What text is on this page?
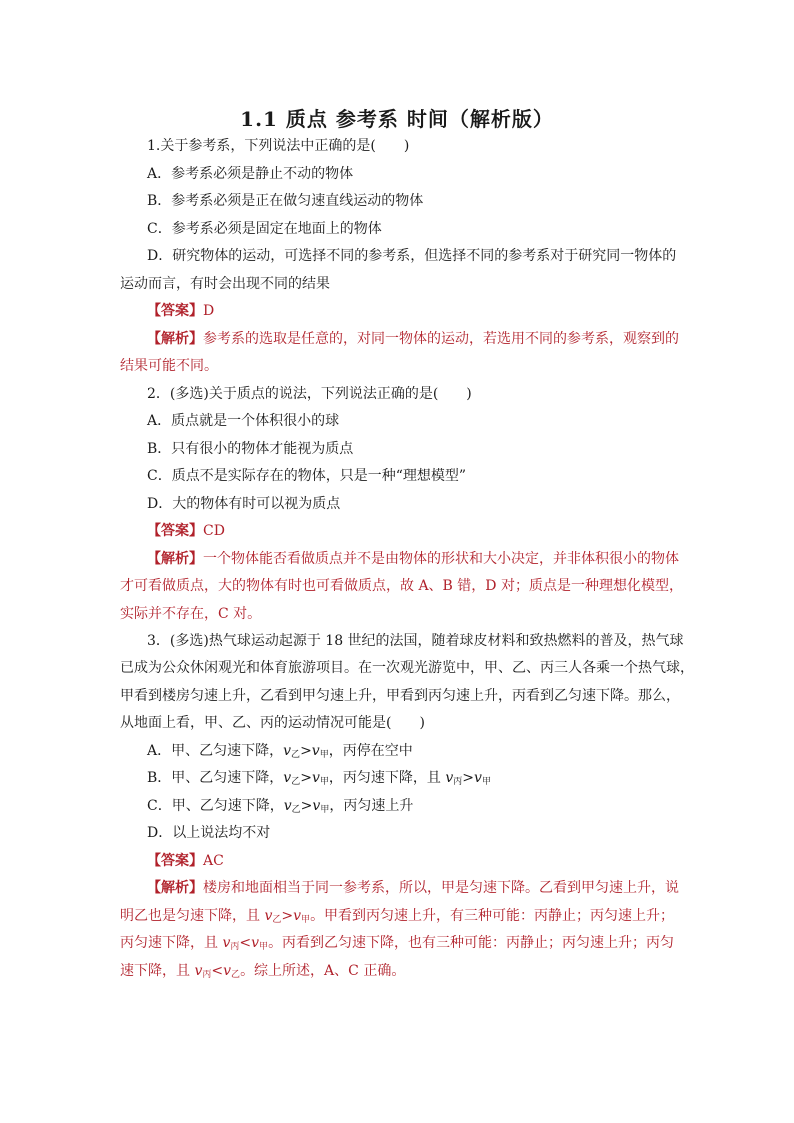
1.1 质点 参考系 时间（解析版）
1.关于参考系，下列说法中正确的是(　　)
A．参考系必须是静止不动的物体
B．参考系必须是正在做匀速直线运动的物体
C．参考系必须是固定在地面上的物体
D．研究物体的运动，可选择不同的参考系，但选择不同的参考系对于研究同一物体的
运动而言，有时会出现不同的结果
【答案】D
【解析】参考系的选取是任意的，对同一物体的运动，若选用不同的参考系，观察到的
结果可能不同。
2．(多选)关于质点的说法，下列说法正确的是(　　)
A．质点就是一个体积很小的球
B．只有很小的物体才能视为质点
C．质点不是实际存在的物体，只是一种“理想模型”
D．大的物体有时可以视为质点
【答案】CD
【解析】一个物体能否看做质点并不是由物体的形状和大小决定，并非体积很小的物体
才可看做质点，大的物体有时也可看做质点，故 A、B 错，D 对；质点是一种理想化模型，
实际并不存在，C 对。
3．(多选)热气球运动起源于 18 世纪的法国，随着球皮材料和致热燃料的普及，热气球
已成为公众休闲观光和体育旅游项目。在一次观光游览中，甲、乙、丙三人各乘一个热气球，
甲看到楼房匀速上升，乙看到甲匀速上升，甲看到丙匀速上升，丙看到乙匀速下降。那么，
从地面上看，甲、乙、丙的运动情况可能是(　　)
A．甲、乙匀速下降，$v_乙>v_甲$，丙停在空中
B．甲、乙匀速下降，$v_乙>v_甲$，丙匀速下降，且 $v_丙>v_甲$
C．甲、乙匀速下降，$v_乙>v_甲$，丙匀速上升
D．以上说法均不对
【答案】AC
【解析】楼房和地面相当于同一参考系，所以，甲是匀速下降。乙看到甲匀速上升，说
明乙也是匀速下降，且 $v_乙>v_甲$。甲看到丙匀速上升，有三种可能：丙静止；丙匀速上升；
丙匀速下降，且 $v_丙<v_甲$。丙看到乙匀速下降，也有三种可能：丙静止；丙匀速上升；丙匀
速下降，且 $v_丙<v_乙$。综上所述，A、C 正确。
